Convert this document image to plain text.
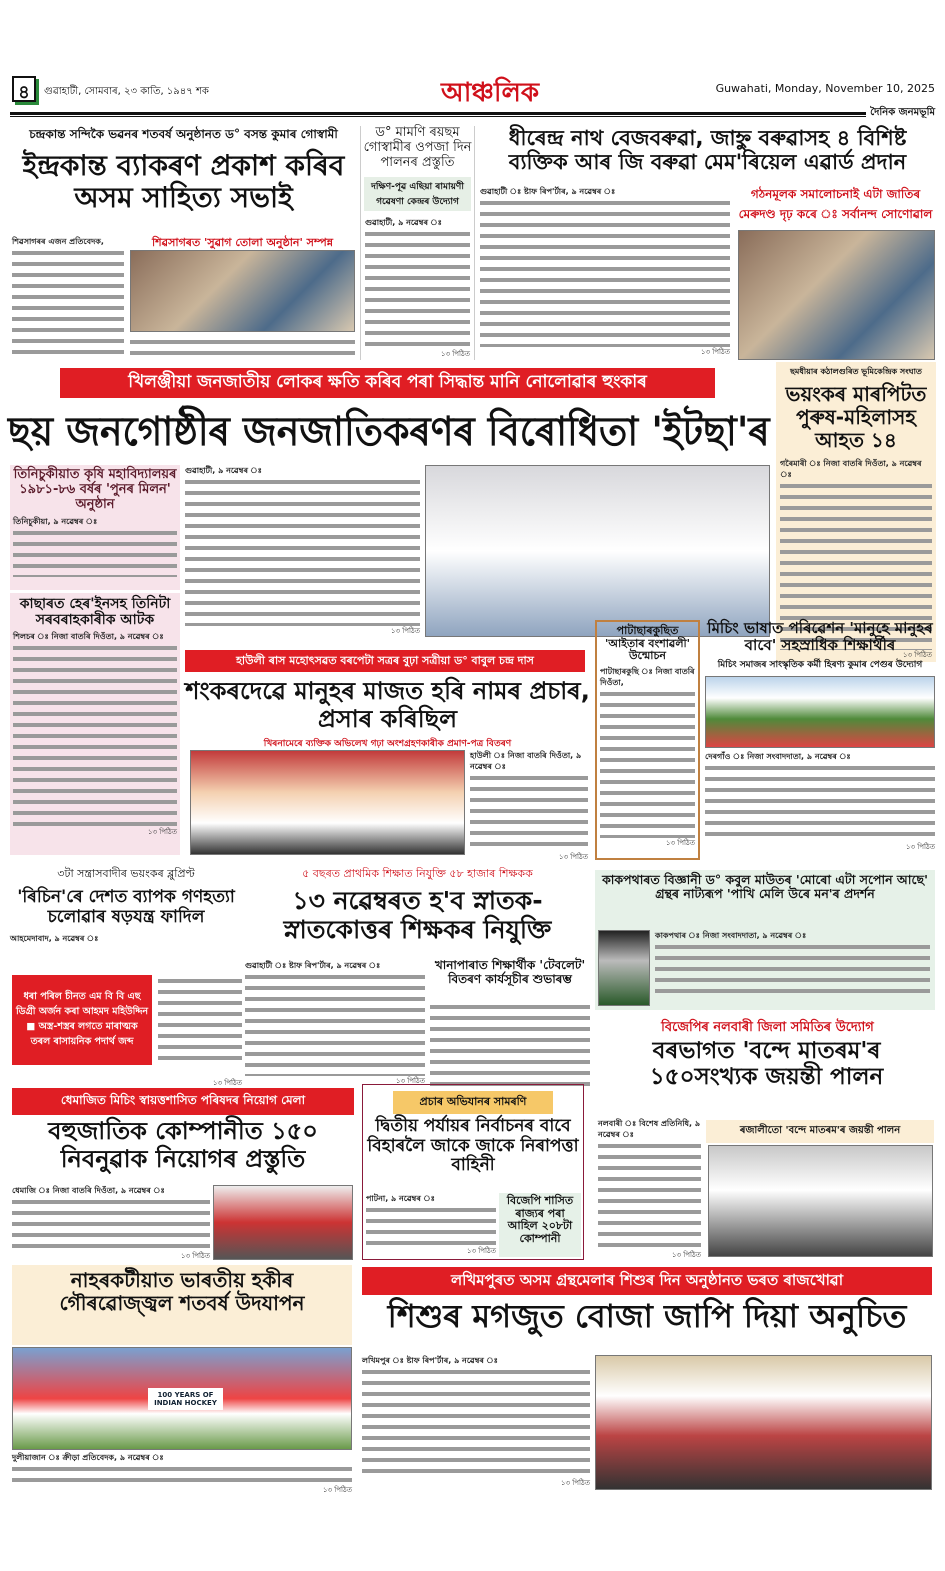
৪	গুৱাহাটী, সোমবাৰ, ২৩ কাতি, ১৯৪৭ শক	আঞ্চলিক	Guwahati, Monday, November 10, 2025
দৈনিক জনমভূমি
চন্দ্ৰকান্ত সন্দিকৈ ভৱনৰ শতবৰ্ষ অনুষ্ঠানত ড° বসন্ত কুমাৰ গোস্বামী
ইন্দ্ৰকান্ত ব্যাকৰণ প্ৰকাশ কৰিব অসম সাহিত্য সভাই
শিৱসাগৰৰ এজন প্ৰতিবেদক,	শিৱসাগৰত 'সুৱাগ তোলা অনুষ্ঠান' সম্পন্ন
ড° মামণি ৰয়ছম গোস্বামীৰ ওপজা দিন পালনৰ প্ৰস্তুতি
দক্ষিণ-পূৱ এছিয়া ৰামায়ণী গৱেষণা কেন্দ্ৰৰ উদ্যোগ
গুৱাহাটী, ৯ নৱেম্বৰ ঃ
১৩ পিঠিত
ধীৰেন্দ্ৰ নাথ বেজবৰুৱা, জাহ্নু বৰুৱাসহ ৪ বিশিষ্ট ব্যক্তিক আৰ জি বৰুৱা মেম'ৰিয়েল এৱাৰ্ড প্ৰদান
গুৱাহাটী ঃ ষ্টাফ ৰিপ'ৰ্টাৰ, ৯ নৱেম্বৰ ঃ
১৩ পিঠিত
গঠনমূলক সমালোচনাই এটা জাতিৰ মেৰুদণ্ড দৃঢ় কৰে ঃ সৰ্বানন্দ সোণোৱাল
খিলঞ্জীয়া জনজাতীয় লোকৰ ক্ষতি কৰিব পৰা সিদ্ধান্ত মানি নোলোৱাৰ হুংকাৰ
গুৱাহাটী, ৯ নৱেম্বৰ ঃ
১৩ পিঠিত
ছয় জনগোষ্ঠীৰ জনজাতিকৰণৰ বিৰোধিতা 'ইটছা'ৰ
ছমধীয়াৰ কঠালগুৰিত ভূমিকেন্দ্ৰিক সংঘাত
ভয়ংকৰ মাৰপিটত পুৰুষ-মহিলাসহ আহত ১৪
গৰৈমাৰী ঃ নিজা বাতৰি দিওঁতা, ৯ নৱেম্বৰ ঃ
১৩ পিঠিত
তিনিচুকীয়াত কৃষি মহাবিদ্যালয়ৰ ১৯৮১-৮৬ বৰ্ষৰ 'পুনৰ মিলন' অনুষ্ঠান
তিনিচুকীয়া, ৯ নৱেম্বৰ ঃ
কাছাৰত হেৰ'ইনসহ তিনিটা সৰবৰাহকাৰীক আটক
শিলচৰ ঃ নিজা বাতৰি দিওঁতা, ৯ নৱেম্বৰ ঃ
১৩ পিঠিত
হাউলী ৰাস মহোৎসৱত বৰপেটা সত্ৰৰ বুঢ়া সত্ৰীয়া ড° বাবুল চন্দ্ৰ দাস
শংকৰদেৱে মানুহৰ মাজত হৰি নামৰ প্ৰচাৰ, প্ৰসাৰ কৰিছিল
খিৰনামেৰে ব্যক্তিক অভিলেখ গঢ়া অংশগ্ৰহণকাৰীক প্ৰমাণ-পত্ৰ বিতৰণ
হাউলী ঃ নিজা বাতৰি দিওঁতা, ৯ নৱেম্বৰ ঃ
১৩ পিঠিত
পাটাছাৰকুছিত 'আইতাৰ বংশাৱলী' উন্মোচন
পাটাছাৰকুছি ঃ নিজা বাতৰি দিওঁতা,
১৩ পিঠিত
মিচিং ভাষাত পৰিৱেশন 'মানুহে মানুহৰ বাবে' সহস্ৰাধিক শিক্ষাৰ্থীৰ
মিচিং সমাজৰ সাংস্কৃতিক কৰ্মী হিৰণ্য কুমাৰ পেগুৰ উদ্যোগ
দেৰগাঁও ঃ নিজা সংবাদদাতা, ৯ নৱেম্বৰ ঃ
১৩ পিঠিত
৩টা সন্ত্ৰাসবাদীৰ ভয়ংকৰ ব্লুপ্ৰিণ্ট
'ৰিচিন'ৰে দেশত ব্যাপক গণহত্যা চলোৱাৰ ষড়যন্ত্ৰ ফাদিল
আহমেদাবাদ, ৯ নৱেম্বৰ ঃ
ধৰা পৰিল চীনত এম বি বি এছ ডিগ্ৰী অৰ্জন কৰা আহমদ মহিউদ্দিন ■ অস্ত্ৰ-শস্ত্ৰৰ লগতে মাৰাত্মক তৰল ৰাসায়নিক পদাৰ্থ জব্দ
১৩ পিঠিত
৫ বছৰত প্ৰাথমিক শিক্ষাত নিযুক্তি ৫৮ হাজাৰ শিক্ষকক
১৩ নৱেম্বৰত হ'ব স্নাতক-স্নাতকোত্তৰ শিক্ষকৰ নিযুক্তি
গুৱাহাটী ঃ ষ্টাফ ৰিপ'ৰ্টাৰ, ৯ নৱেম্বৰ ঃ
১৩ পিঠিত
খানাপাৰাত শিক্ষাৰ্থীক 'টেবলেট' বিতৰণ কাৰ্যসূচীৰ শুভাৰম্ভ
কাকপথাৰত বিজ্ঞানী ড° কবুল মাউতৰ 'মোৰো এটা সপোন আছে' গ্ৰন্থৰ নাট্যৰূপ 'পাখি মেলি উৰে মন'ৰ প্ৰদৰ্শন
কাকপথাৰ ঃ নিজা সংবাদদাতা, ৯ নৱেম্বৰ ঃ
বিজেপিৰ নলবাৰী জিলা সমিতিৰ উদ্যোগ
বৰভাগত 'বন্দে মাতৰম'ৰ ১৫০সংখ্যক জয়ন্তী পালন
নলবাৰী ঃ বিশেষ প্ৰতিনিধি, ৯ নৱেম্বৰ ঃ
১৩ পিঠিত
ৰজালীতো 'বন্দে মাতৰম'ৰ জয়ন্তী পালন
ধেমাজিত মিচিং স্বায়ত্তশাসিত পৰিষদৰ নিয়োগ মেলা
বহুজাতিক কোম্পানীত ১৫০ নিবনুৱাক নিয়োগৰ প্ৰস্তুতি
ধেমাজি ঃ নিজা বাতৰি দিওঁতা, ৯ নৱেম্বৰ ঃ
১৩ পিঠিত
প্ৰচাৰ অভিযানৰ সামৰণি
দ্বিতীয় পৰ্যায়ৰ নিৰ্বাচনৰ বাবে বিহাৰলৈ জাকে জাকে নিৰাপত্তা বাহিনী
পাটনা, ৯ নৱেম্বৰ ঃ
১৩ পিঠিত
বিজেপি শাসিত ৰাজ্যৰ পৰা আহিল ২০৮টা কোম্পানী
নাহৰকটীয়াত ভাৰতীয় হকীৰ গৌৰৱোজ্জ্বল শতবৰ্ষ উদযাপন
100 YEARS OF INDIAN HOCKEY
দুলীয়াজান ঃ ক্ৰীড়া প্ৰতিবেদক, ৯ নৱেম্বৰ ঃ
১৩ পিঠিত
লখিমপুৰত অসম গ্ৰন্থমেলাৰ শিশুৰ দিন অনুষ্ঠানত ভৰত ৰাজখোৱা
শিশুৰ মগজুত বোজা জাপি দিয়া অনুচিত
লখিমপুৰ ঃ ষ্টাফ ৰিপ'ৰ্টাৰ, ৯ নৱেম্বৰ ঃ
১৩ পিঠিত
